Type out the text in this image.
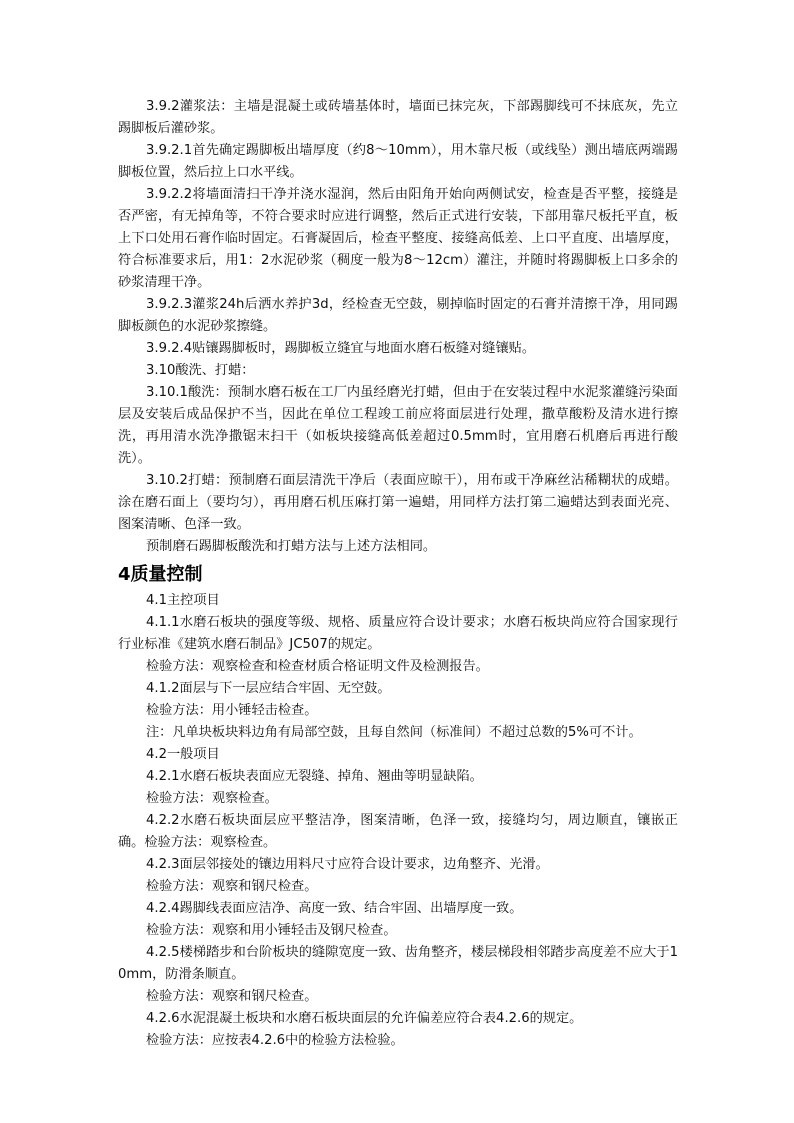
3.9.2灌浆法：主墙是混凝土或砖墙基体时，墙面已抹完灰，下部踢脚线可不抹底灰，先立踢脚板后灌砂浆。

3.9.2.1首先确定踢脚板出墙厚度（约8～10mm），用木靠尺板（或线坠）测出墙底两端踢脚板位置，然后拉上口水平线。

3.9.2.2将墙面清扫干净并浇水湿润，然后由阳角开始向两侧试安，检查是否平整，接缝是否严密，有无掉角等，不符合要求时应进行调整，然后正式进行安装，下部用靠尺板托平直，板上下口处用石膏作临时固定。石膏凝固后，检查平整度、接缝高低差、上口平直度、出墙厚度，符合标准要求后，用1：2水泥砂浆（稠度一般为8～12cm）灌注，并随时将踢脚板上口多余的砂浆清理干净。

3.9.2.3灌浆24h后洒水养护3d，经检查无空鼓，剔掉临时固定的石膏并清擦干净，用同踢脚板颜色的水泥砂浆擦缝。

3.9.2.4贴镶踢脚板时，踢脚板立缝宜与地面水磨石板缝对缝镶贴。

3.10酸洗、打蜡：

3.10.1酸洗：预制水磨石板在工厂内虽经磨光打蜡，但由于在安装过程中水泥浆灌缝污染面层及安装后成品保护不当，因此在单位工程竣工前应将面层进行处理，撒草酸粉及清水进行擦洗，再用清水洗净撒锯末扫干（如板块接缝高低差超过0.5mm时，宜用磨石机磨后再进行酸洗）。

3.10.2打蜡：预制磨石面层清洗干净后（表面应晾干），用布或干净麻丝沾稀糊状的成蜡。涂在磨石面上（要均匀），再用磨石机压麻打第一遍蜡，用同样方法打第二遍蜡达到表面光亮、图案清晰、色泽一致。

预制磨石踢脚板酸洗和打蜡方法与上述方法相同。

4质量控制

4.1主控项目

4.1.1水磨石板块的强度等级、规格、质量应符合设计要求；水磨石板块尚应符合国家现行行业标准《建筑水磨石制品》JC507的规定。

检验方法：观察检查和检查材质合格证明文件及检测报告。

4.1.2面层与下一层应结合牢固、无空鼓。

检验方法：用小锤轻击检查。

注：凡单块板块料边角有局部空鼓，且每自然间（标准间）不超过总数的5%可不计。

4.2一般项目

4.2.1水磨石板块表面应无裂缝、掉角、翘曲等明显缺陷。

检验方法：观察检查。

4.2.2水磨石板块面层应平整洁净，图案清晰，色泽一致，接缝均匀，周边顺直，镶嵌正确。检验方法：观察检查。

4.2.3面层邻接处的镶边用料尺寸应符合设计要求，边角整齐、光滑。

检验方法：观察和钢尺检查。

4.2.4踢脚线表面应洁净、高度一致、结合牢固、出墙厚度一致。

检验方法：观察和用小锤轻击及钢尺检查。

4.2.5楼梯踏步和台阶板块的缝隙宽度一致、齿角整齐，楼层梯段相邻踏步高度差不应大于10mm，防滑条顺直。

检验方法：观察和钢尺检查。

4.2.6水泥混凝土板块和水磨石板块面层的允许偏差应符合表4.2.6的规定。

检验方法：应按表4.2.6中的检验方法检验。
